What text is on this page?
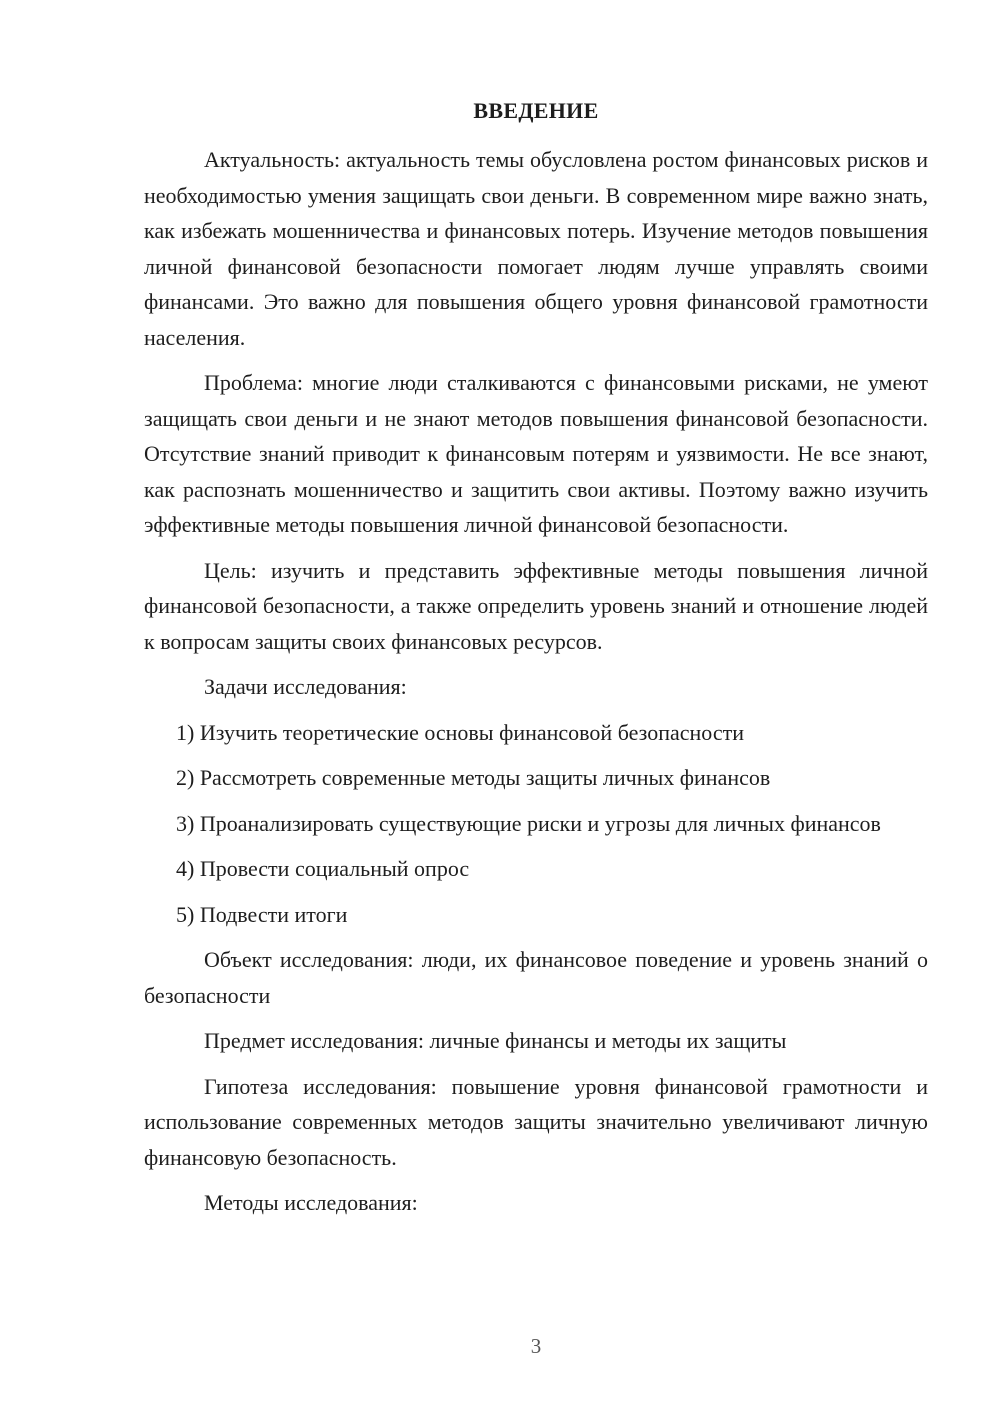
ВВЕДЕНИЕ

Актуальность: актуальность темы обусловлена ростом финансовых рисков и необходимостью умения защищать свои деньги. В современном мире важно знать, как избежать мошенничества и финансовых потерь. Изучение методов повышения личной финансовой безопасности помогает людям лучше управлять своими финансами. Это важно для повышения общего уровня финансовой грамотности населения.

Проблема: многие люди сталкиваются с финансовыми рисками, не умеют защищать свои деньги и не знают методов повышения финансовой безопасности. Отсутствие знаний приводит к финансовым потерям и уязвимости. Не все знают, как распознать мошенничество и защитить свои активы. Поэтому важно изучить эффективные методы повышения личной финансовой безопасности.

Цель: изучить и представить эффективные методы повышения личной финансовой безопасности, а также определить уровень знаний и отношение людей к вопросам защиты своих финансовых ресурсов.

Задачи исследования:

1) Изучить теоретические основы финансовой безопасности

2) Рассмотреть современные методы защиты личных финансов

3) Проанализировать существующие риски и угрозы для личных финансов

4) Провести социальный опрос

5) Подвести итоги

Объект исследования: люди, их финансовое поведение и уровень знаний о безопасности

Предмет исследования: личные финансы и методы их защиты

Гипотеза исследования: повышение уровня финансовой грамотности и использование современных методов защиты значительно увеличивают личную финансовую безопасность.

Методы исследования:

3
